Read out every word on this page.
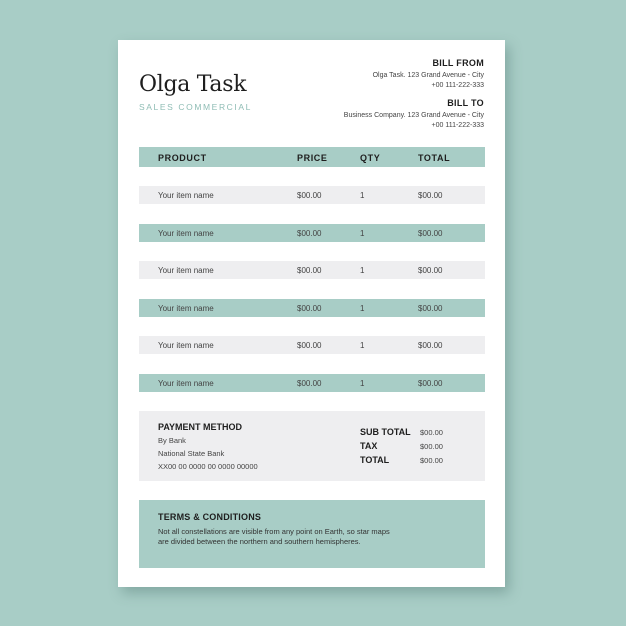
Olga Task
SALES COMMERCIAL
BILL FROM
Olga Task. 123 Grand Avenue - City
+00 111-222-333
BILL TO
Business Company. 123 Grand Avenue - City
+00 111-222-333
PRODUCT	PRICE	QTY	TOTAL
Your item name	$00.00	1	$00.00
Your item name	$00.00	1	$00.00
Your item name	$00.00	1	$00.00
Your item name	$00.00	1	$00.00
Your item name	$00.00	1	$00.00
Your item name	$00.00	1	$00.00
PAYMENT METHOD
By Bank
National State Bank
XX00 00 0000 00 0000 00000
SUB TOTAL $00.00
TAX	$00.00
TOTAL	$00.00
TERMS & CONDITIONS
Not all constellations are visible from any point on Earth, so star maps are divided between the northern and southern hemispheres.
